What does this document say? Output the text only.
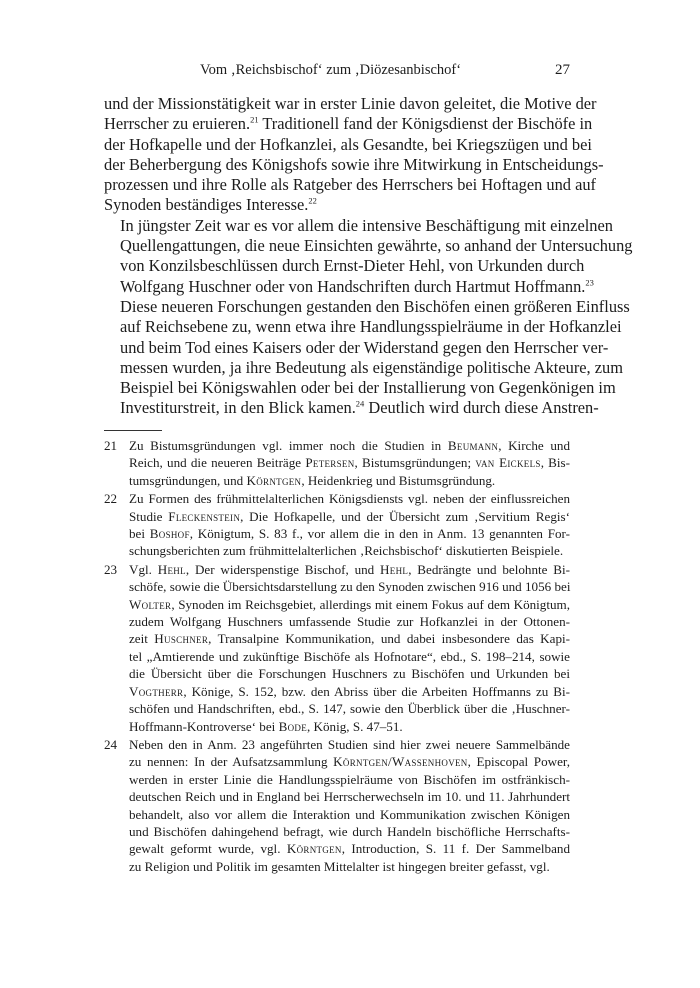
Vom ‚Reichsbischof‘ zum ‚Diözesanbischof‘	27

und der Missionstätigkeit war in erster Linie davon geleitet, die Motive der
Herrscher zu eruieren.$^{21}$ Traditionell fand der Königsdienst der Bischöfe in
der Hofkapelle und der Hofkanzlei, als Gesandte, bei Kriegszügen und bei
der Beherbergung des Königshofs sowie ihre Mitwirkung in Entscheidungs-
prozessen und ihre Rolle als Ratgeber des Herrschers bei Hoftagen und auf
Synoden beständiges Interesse.$^{22}$

In jüngster Zeit war es vor allem die intensive Beschäftigung mit einzelnen
Quellengattungen, die neue Einsichten gewährte, so anhand der Untersuchung
von Konzilsbeschlüssen durch Ernst-Dieter Hehl, von Urkunden durch
Wolfgang Huschner oder von Handschriften durch Hartmut Hoffmann.$^{23}$
Diese neueren Forschungen gestanden den Bischöfen einen größeren Einfluss
auf Reichsebene zu, wenn etwa ihre Handlungsspielräume in der Hofkanzlei
und beim Tod eines Kaisers oder der Widerstand gegen den Herrscher ver-
messen wurden, ja ihre Bedeutung als eigenständige politische Akteure, zum
Beispiel bei Königswahlen oder bei der Installierung von Gegenkönigen im
Investiturstreit, in den Blick kamen.$^{24}$ Deutlich wird durch diese Anstren-

21 Zu Bistumsgründungen vgl. immer noch die Studien in Beumann, Kirche und
Reich, und die neueren Beiträge Petersen, Bistumsgründungen; van Eickels, Bis-
tumsgründungen, und Körntgen, Heidenkrieg und Bistumsgründung.
22 Zu Formen des frühmittelalterlichen Königsdiensts vgl. neben der einflussreichen
Studie Fleckenstein, Die Hofkapelle, und der Übersicht zum ‚Servitium Regis‘
bei Boshof, Königtum, S. 83 f., vor allem die in den in Anm. 13 genannten For-
schungsberichten zum frühmittelalterlichen ‚Reichsbischof‘ diskutierten Beispiele.
23 Vgl. Hehl, Der widerspenstige Bischof, und Hehl, Bedrängte und belohnte Bi-
schöfe, sowie die Übersichtsdarstellung zu den Synoden zwischen 916 und 1056 bei
Wolter, Synoden im Reichsgebiet, allerdings mit einem Fokus auf dem Königtum,
zudem Wolfgang Huschners umfassende Studie zur Hofkanzlei in der Ottonen-
zeit Huschner, Transalpine Kommunikation, und dabei insbesondere das Kapi-
tel „Amtierende und zukünftige Bischöfe als Hofnotare“, ebd., S. 198–214, sowie
die Übersicht über die Forschungen Huschners zu Bischöfen und Urkunden bei
Vogtherr, Könige, S. 152, bzw. den Abriss über die Arbeiten Hoffmanns zu Bi-
schöfen und Handschriften, ebd., S. 147, sowie den Überblick über die ‚Huschner-
Hoffmann-Kontroverse‘ bei Bode, König, S. 47–51.
24 Neben den in Anm. 23 angeführten Studien sind hier zwei neuere Sammelbände
zu nennen: In der Aufsatzsammlung Körntgen/Wassenhoven, Episcopal Power,
werden in erster Linie die Handlungsspielräume von Bischöfen im ostfränkisch-
deutschen Reich und in England bei Herrscherwechseln im 10. und 11. Jahrhundert
behandelt, also vor allem die Interaktion und Kommunikation zwischen Königen
und Bischöfen dahingehend befragt, wie durch Handeln bischöfliche Herrschafts-
gewalt geformt wurde, vgl. Körntgen, Introduction, S. 11 f. Der Sammelband
zu Religion und Politik im gesamten Mittelalter ist hingegen breiter gefasst, vgl.
